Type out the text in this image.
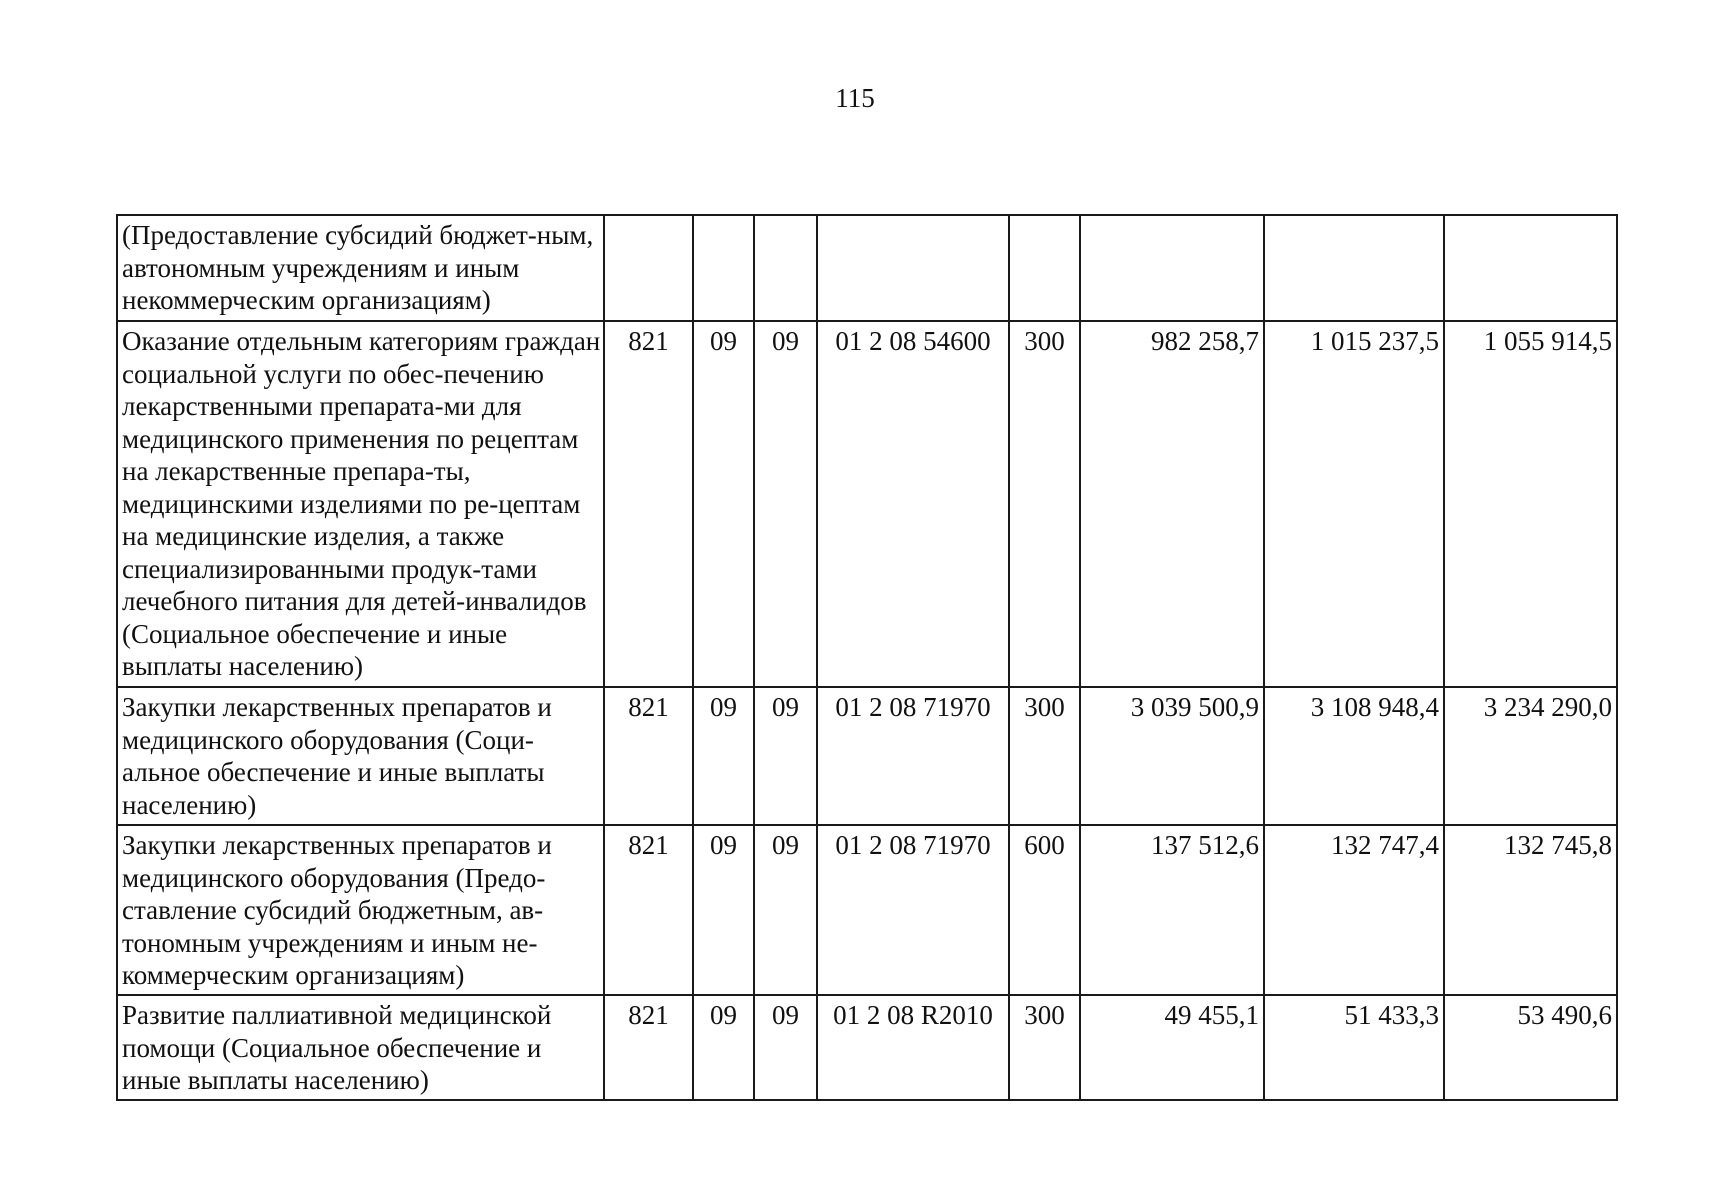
115
(Предоставление субсидий бюджет-ным, автономным учреждениям и иным некоммерческим организациям)								
Оказание отдельным категориям граждан социальной услуги по обес-печению лекарственными препарата-ми для медицинского применения по рецептам на лекарственные препара-ты, медицинскими изделиями по ре-цептам на медицинские изделия, а также специализированными продук-тами лечебного питания для детей-инвалидов (Социальное обеспечение и иные выплаты населению)	821	09	09	01 2 08 54600	300	982 258,7	1 015 237,5	1 055 914,5
Закупки лекарственных препаратов и медицинского оборудования (Соци-альное обеспечение и иные выплаты населению)	821	09	09	01 2 08 71970	300	3 039 500,9	3 108 948,4	3 234 290,0
Закупки лекарственных препаратов и медицинского оборудования (Предо-ставление субсидий бюджетным, ав-тономным учреждениям и иным не-коммерческим организациям)	821	09	09	01 2 08 71970	600	137 512,6	132 747,4	132 745,8
Развитие паллиативной медицинской помощи (Социальное обеспечение и иные выплаты населению)	821	09	09	01 2 08 R2010	300	49 455,1	51 433,3	53 490,6
